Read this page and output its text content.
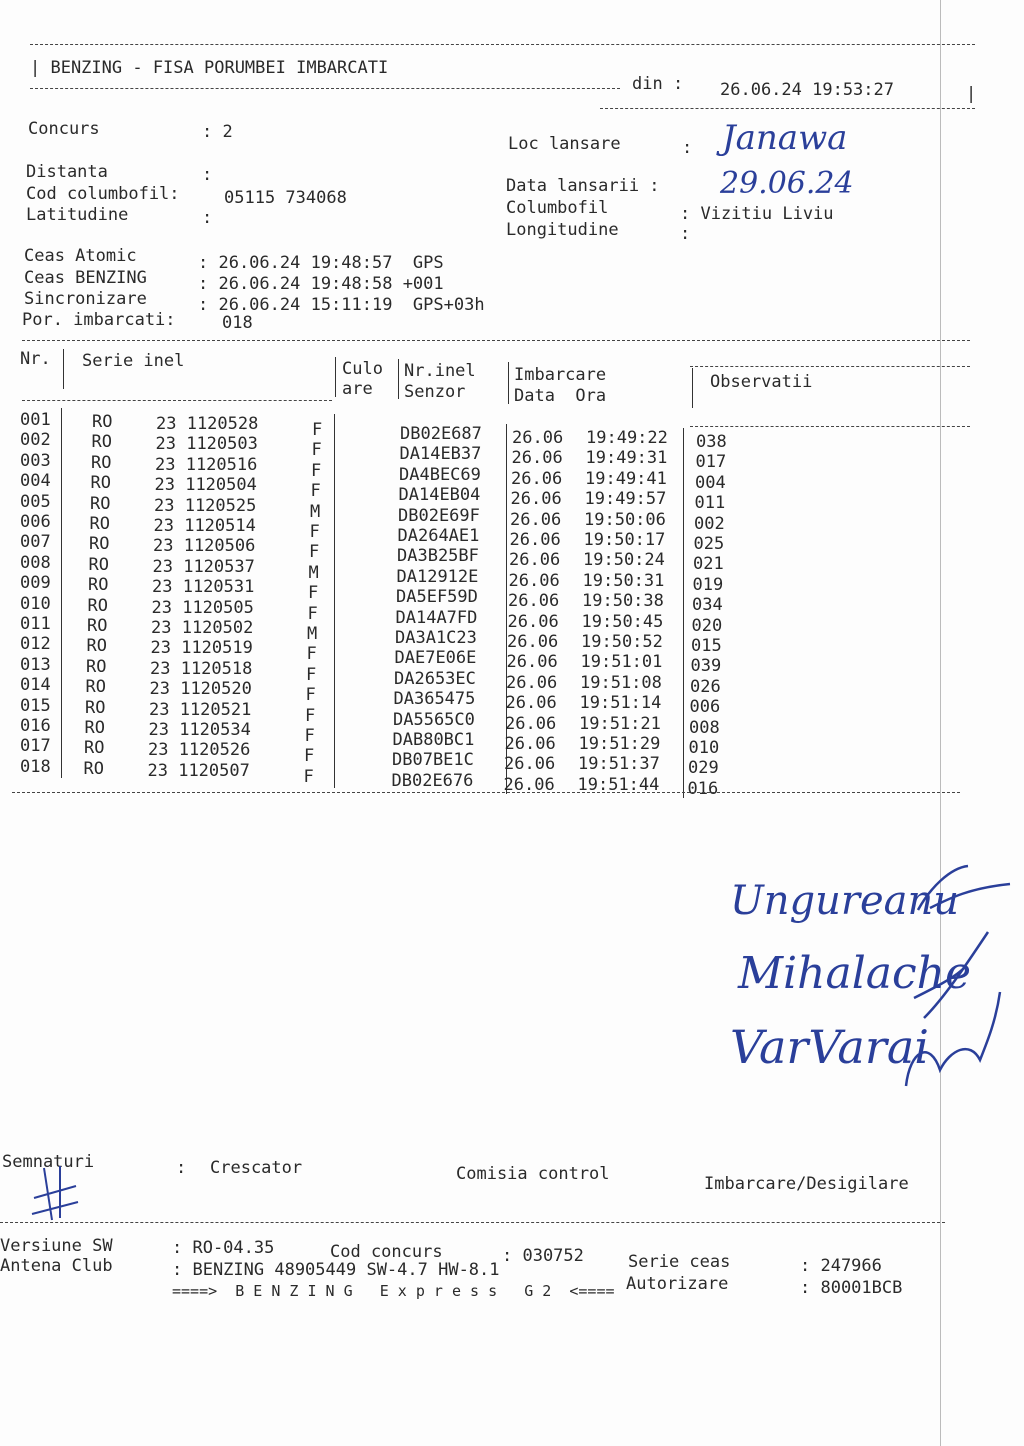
| BENZING - FISA PORUMBEI IMBARCATI
din : 26.06.24 19:53:27	|
Concurs	: 2
Distanta	:
Cod columbofil:	05115 734068
Latitudine	:
Loc lansare	: Janawa
Data lansarii : 29.06.24
Columbofil	: Vizitiu Liviu
Longitudine	:
Ceas Atomic	: 26.06.24 19:48:57  GPS
Ceas BENZING	: 26.06.24 19:48:58 +001
Sincronizare	: 26.06.24 15:11:19  GPS+03h
Por. imbarcati:	018
Nr. Serie inel	Culo
are
Nr.inel
Senzor
Imbarcare
Data  Ora
Observatii
001 RO	23 1120528	F	DB02E687 26.06 19:49:22 038
002 RO	23 1120503	F	DA14EB37 26.06 19:49:31 017
003 RO	23 1120516	F	DA4BEC69 26.06 19:49:41 004
004 RO	23 1120504	F	DA14EB04 26.06 19:49:57 011
005 RO	23 1120525	M	DB02E69F 26.06 19:50:06 002
006 RO	23 1120514	F	DA264AE1 26.06 19:50:17 025
007 RO	23 1120506	F	DA3B25BF 26.06 19:50:24 021
008 RO	23 1120537	M	DA12912E 26.06 19:50:31 019
009 RO	23 1120531	F	DA5EF59D 26.06 19:50:38 034
010 RO	23 1120505	F	DA14A7FD 26.06 19:50:45 020
011 RO	23 1120502	M	DA3A1C23 26.06 19:50:52 015
012 RO	23 1120519	F	DAE7E06E 26.06 19:51:01 039
013 RO	23 1120518	F	DA2653EC 26.06 19:51:08 026
014 RO	23 1120520	F	DA365475 26.06 19:51:14 006
015 RO	23 1120521	F	DA5565C0 26.06 19:51:21 008
016 RO	23 1120534	F	DAB80BC1 26.06 19:51:29 010
017 RO	23 1120526	F	DB07BE1C 26.06 19:51:37 029
018 RO	23 1120507	F	DB02E676 26.06 19:51:44 016
Ungureanu
Mihalache
VarVarai
Semnaturi	: Crescator	Comisia control	Imbarcare/Desigilare
Versiune SW	: RO-04.35	Cod concurs	: 030752	Serie ceas	: 247966
Antena Club	: BENZING 48905449 SW-4.7 HW-8.1
Autorizare	: 80001BCB
====>  B E N Z I N G   E x p r e s s   G 2  <====
